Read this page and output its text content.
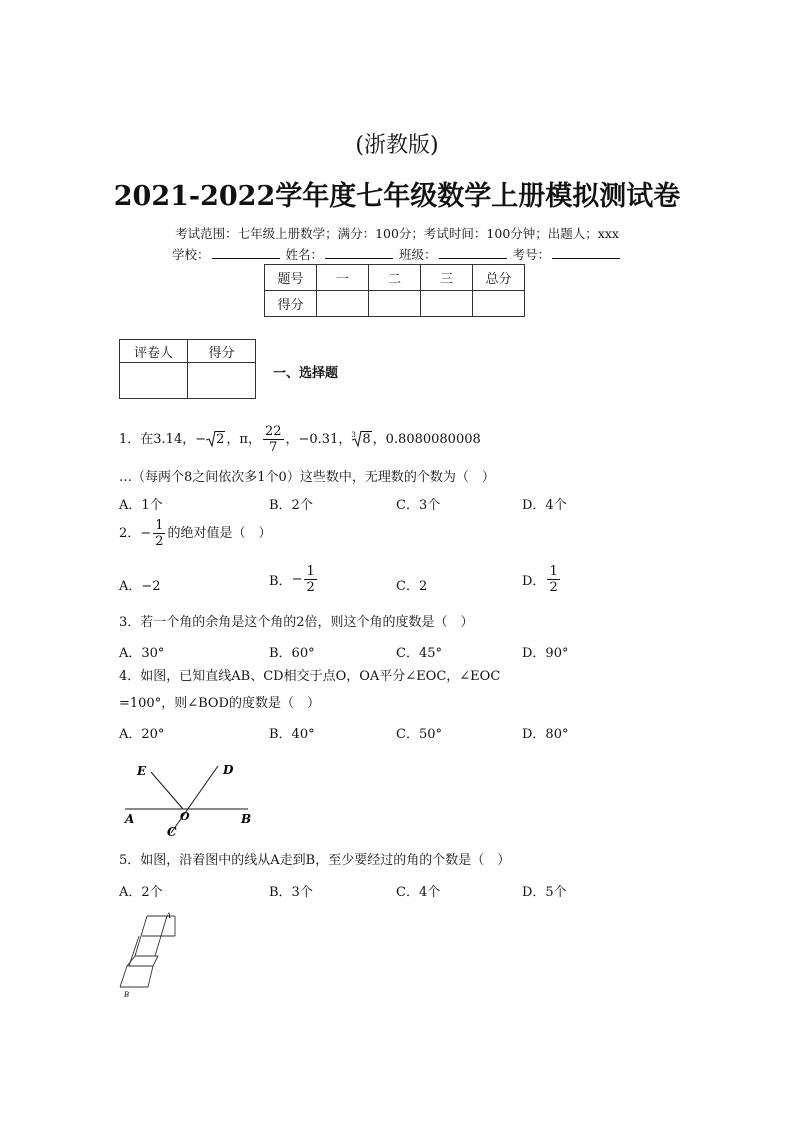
(浙教版)
2021-2022学年度七年级数学上册模拟测试卷
考试范围：七年级上册数学；满分：100分；考试时间：100分钟；出题人；xxx
学校：	姓名：	班级：	考号：
题号	一	二	三	总分
得分				
评卷人	得分

一、选择题
1． 在3.14， − 2 ，π， $\frac{22}{7}$ ，−0.31， 3 8 ，0.8080080008
…（每两个8之间依次多1个0）这些数中，无理数的个数为（　）
A．1个	B．2个	C．3个	D．4个
2． − $\frac{1}{2}$ 的绝对值是（　）
A．−2	B． − $\frac{1}{2}$	C．2	D． $\frac{1}{2}$
3．若一个角的余角是这个角的2倍，则这个角的度数是（　）
A．30°	B．60°	C．45°	D．90°
4．如图，已知直线AB、CD相交于点O，OA平分∠EOC，∠EOC
=100°，则∠BOD的度数是（　）
A．20°	B．40°	C．50°	D．80°
E	D
A	O	B
C
5．如图，沿着图中的线从A走到B，至少要经过的角的个数是（　）
A．2个	B．3个	C．4个	D．5个
A
B
